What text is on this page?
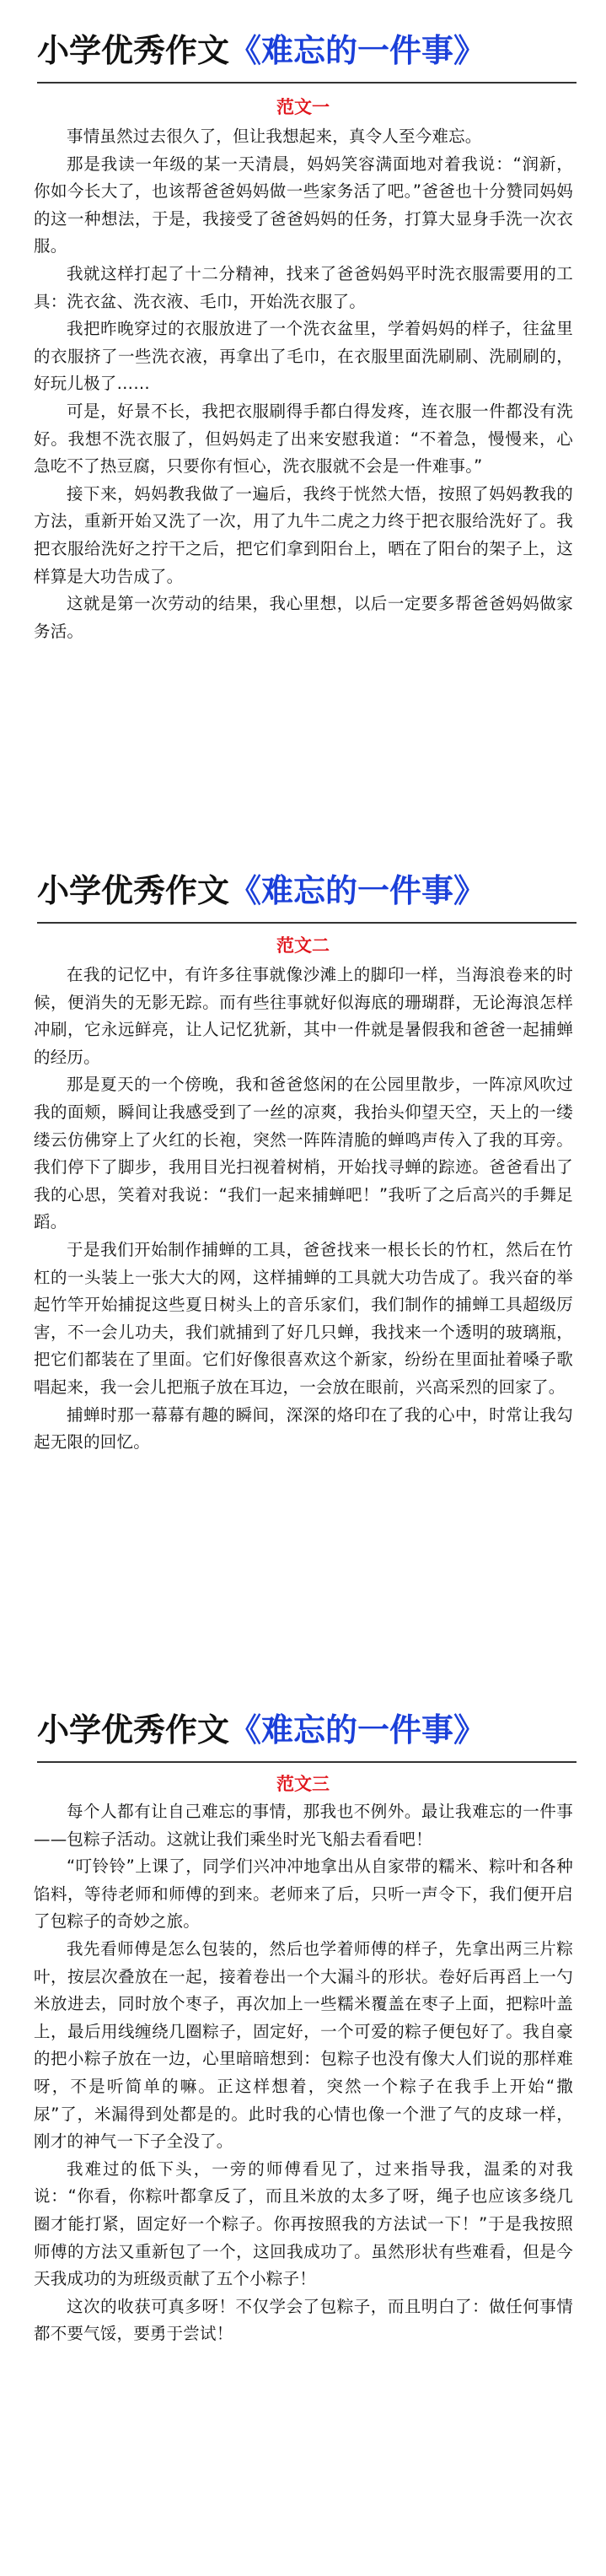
小学优秀作文《难忘的一件事》
范文一

事情虽然过去很久了，但让我想起来，真令人至今难忘。

那是我读一年级的某一天清晨，妈妈笑容满面地对着我说：“润新，你如今长大了，也该帮爸爸妈妈做一些家务活了吧。”爸爸也十分赞同妈妈的这一种想法，于是，我接受了爸爸妈妈的任务，打算大显身手洗一次衣服。

我就这样打起了十二分精神，找来了爸爸妈妈平时洗衣服需要用的工具：洗衣盆、洗衣液、毛巾，开始洗衣服了。

我把昨晚穿过的衣服放进了一个洗衣盆里，学着妈妈的样子，往盆里的衣服挤了一些洗衣液，再拿出了毛巾，在衣服里面洗刷刷、洗刷刷的，好玩儿极了……

可是，好景不长，我把衣服刷得手都白得发疼，连衣服一件都没有洗好。我想不洗衣服了，但妈妈走了出来安慰我道：“不着急，慢慢来，心急吃不了热豆腐，只要你有恒心，洗衣服就不会是一件难事。”

接下来，妈妈教我做了一遍后，我终于恍然大悟，按照了妈妈教我的方法，重新开始又洗了一次，用了九牛二虎之力终于把衣服给洗好了。我把衣服给洗好之拧干之后，把它们拿到阳台上，晒在了阳台的架子上，这样算是大功告成了。

这就是第一次劳动的结果，我心里想，以后一定要多帮爸爸妈妈做家务活。

小学优秀作文《难忘的一件事》
范文二

在我的记忆中，有许多往事就像沙滩上的脚印一样，当海浪卷来的时候，便消失的无影无踪。而有些往事就好似海底的珊瑚群，无论海浪怎样冲刷，它永远鲜亮，让人记忆犹新，其中一件就是暑假我和爸爸一起捕蝉的经历。

那是夏天的一个傍晚，我和爸爸悠闲的在公园里散步，一阵凉风吹过我的面颊，瞬间让我感受到了一丝的凉爽，我抬头仰望天空，天上的一缕缕云仿佛穿上了火红的长袍，突然一阵阵清脆的蝉鸣声传入了我的耳旁。我们停下了脚步，我用目光扫视着树梢，开始找寻蝉的踪迹。爸爸看出了我的心思，笑着对我说：“我们一起来捕蝉吧！”我听了之后高兴的手舞足蹈。

于是我们开始制作捕蝉的工具，爸爸找来一根长长的竹杠，然后在竹杠的一头装上一张大大的网，这样捕蝉的工具就大功告成了。我兴奋的举起竹竿开始捕捉这些夏日树头上的音乐家们，我们制作的捕蝉工具超级厉害，不一会儿功夫，我们就捕到了好几只蝉，我找来一个透明的玻璃瓶，把它们都装在了里面。它们好像很喜欢这个新家，纷纷在里面扯着嗓子歌唱起来，我一会儿把瓶子放在耳边，一会放在眼前，兴高采烈的回家了。

捕蝉时那一幕幕有趣的瞬间，深深的烙印在了我的心中，时常让我勾起无限的回忆。

小学优秀作文《难忘的一件事》
范文三

每个人都有让自己难忘的事情，那我也不例外。最让我难忘的一件事——包粽子活动。这就让我们乘坐时光飞船去看看吧！

“叮铃铃”上课了，同学们兴冲冲地拿出从自家带的糯米、粽叶和各种馅料，等待老师和师傅的到来。老师来了后，只听一声令下，我们便开启了包粽子的奇妙之旅。

我先看师傅是怎么包装的，然后也学着师傅的样子，先拿出两三片粽叶，按层次叠放在一起，接着卷出一个大漏斗的形状。卷好后再舀上一勺米放进去，同时放个枣子，再次加上一些糯米覆盖在枣子上面，把粽叶盖上，最后用线缠绕几圈粽子，固定好，一个可爱的粽子便包好了。我自豪的把小粽子放在一边，心里暗暗想到：包粽子也没有像大人们说的那样难呀，不是听简单的嘛。正这样想着，突然一个粽子在我手上开始“撒尿”了，米漏得到处都是的。此时我的心情也像一个泄了气的皮球一样，刚才的神气一下子全没了。

我难过的低下头，一旁的师傅看见了，过来指导我，温柔的对我说：“你看，你粽叶都拿反了，而且米放的太多了呀，绳子也应该多绕几圈才能打紧，固定好一个粽子。你再按照我的方法试一下！”于是我按照师傅的方法又重新包了一个，这回我成功了。虽然形状有些难看，但是今天我成功的为班级贡献了五个小粽子！

这次的收获可真多呀！不仅学会了包粽子，而且明白了：做任何事情都不要气馁，要勇于尝试！
